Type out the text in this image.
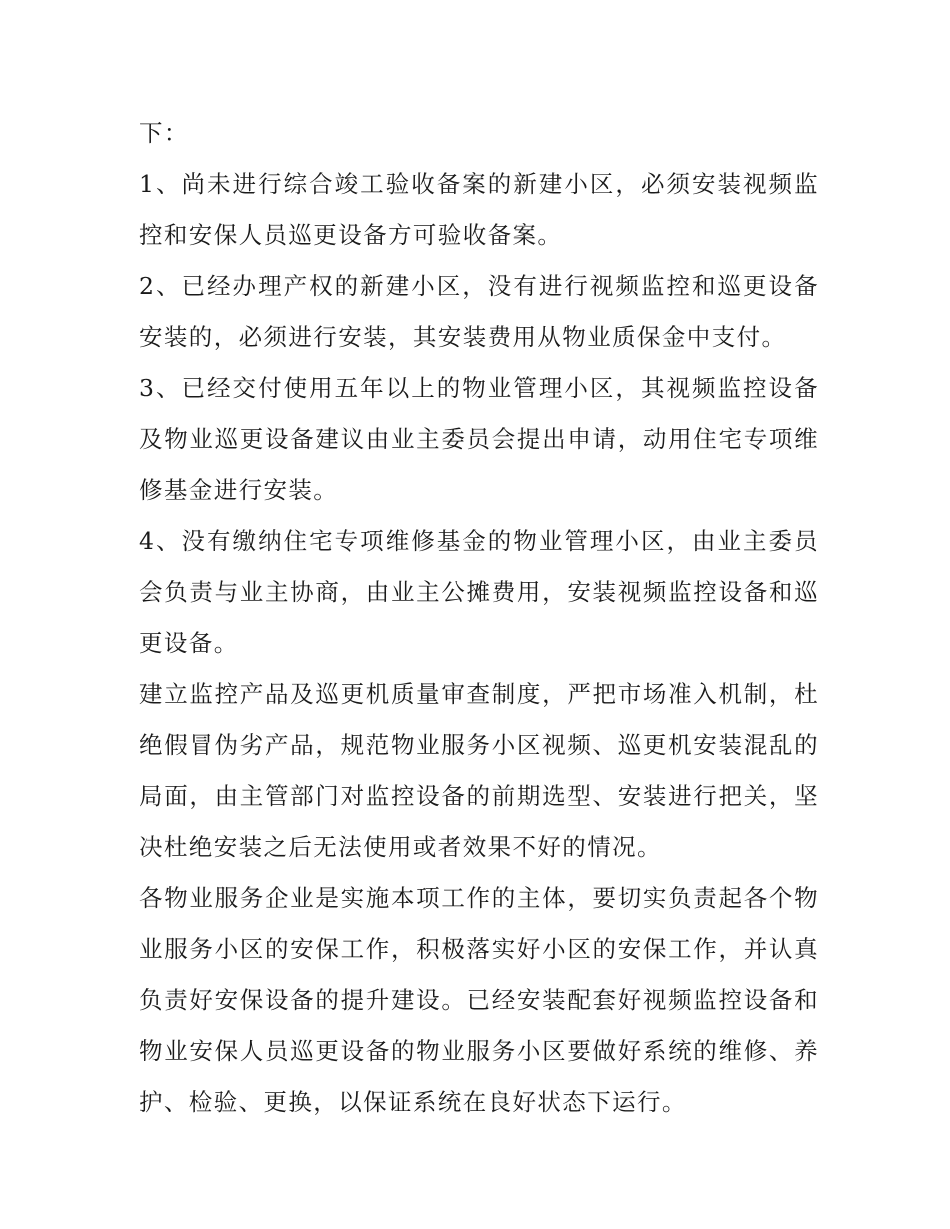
下：

1、尚未进行综合竣工验收备案的新建小区，必须安装视频监控和安保人员巡更设备方可验收备案。

2、已经办理产权的新建小区，没有进行视频监控和巡更设备安装的，必须进行安装，其安装费用从物业质保金中支付。

3、已经交付使用五年以上的物业管理小区，其视频监控设备及物业巡更设备建议由业主委员会提出申请，动用住宅专项维修基金进行安装。

4、没有缴纳住宅专项维修基金的物业管理小区，由业主委员会负责与业主协商，由业主公摊费用，安装视频监控设备和巡更设备。

建立监控产品及巡更机质量审查制度，严把市场准入机制，杜绝假冒伪劣产品，规范物业服务小区视频、巡更机安装混乱的局面，由主管部门对监控设备的前期选型、安装进行把关，坚决杜绝安装之后无法使用或者效果不好的情况。

各物业服务企业是实施本项工作的主体，要切实负责起各个物业服务小区的安保工作，积极落实好小区的安保工作，并认真负责好安保设备的提升建设。已经安装配套好视频监控设备和物业安保人员巡更设备的物业服务小区要做好系统的维修、养护、检验、更换，以保证系统在良好状态下运行。
